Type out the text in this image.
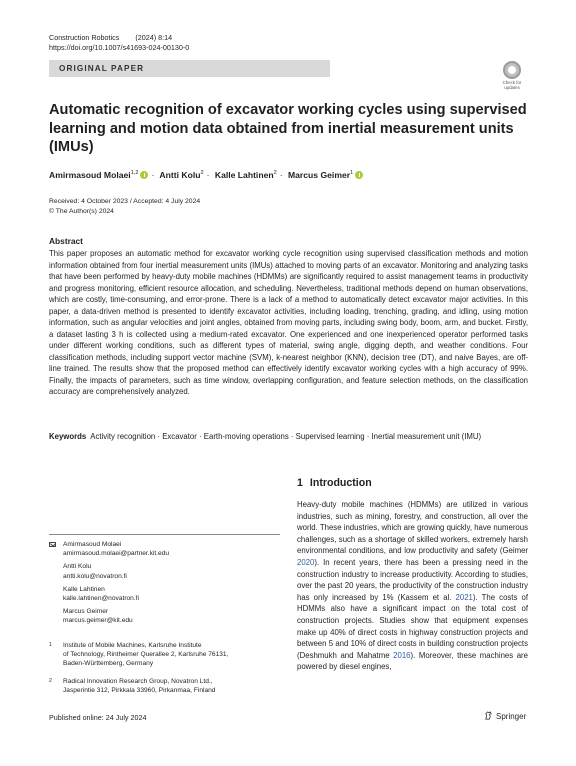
Construction Robotics (2024) 8:14
https://doi.org/10.1007/s41693-024-00130-0
ORIGINAL PAPER
Check for
updates
Automatic recognition of excavator working cycles using supervised learning and motion data obtained from inertial measurement units (IMUs)
Amirmasoud Molaei$^{1,2}$ · Antti Kolu$^2$ · Kalle Lahtinen$^2$ · Marcus Geimer$^1$
Received: 4 October 2023 / Accepted: 4 July 2024
© The Author(s) 2024
Abstract

This paper proposes an automatic method for excavator working cycle recognition using supervised classification methods and motion information obtained from four inertial measurement units (IMUs) attached to moving parts of an excavator. Monitoring and analyzing tasks that have been performed by heavy-duty mobile machines (HDMMs) are significantly required to assist management teams in productivity and progress monitoring, efficient resource allocation, and scheduling. Nevertheless, traditional methods depend on human observations, which are costly, time-consuming, and error-prone. There is a lack of a method to automatically detect excavator major activities. In this paper, a data-driven method is presented to identify excavator activities, including loading, trenching, grading, and idling, using motion information, such as angular velocities and joint angles, obtained from moving parts, including swing body, boom, arm, and bucket. Firstly, a dataset lasting 3 h is collected using a medium-rated excavator. One experienced and one inexperienced operator performed tasks under different working conditions, such as different types of material, swing angle, digging depth, and weather conditions. Four classification methods, including support vector machine (SVM), k-nearest neighbor (KNN), decision tree (DT), and naive Bayes, are off-line trained. The results show that the proposed method can effectively identify excavator working cycles with a high accuracy of 99%. Finally, the impacts of parameters, such as time window, overlapping configuration, and feature selection methods, on the classification accuracy are comprehensively analyzed.

Keywords Activity recognition · Excavator · Earth-moving operations · Supervised learning · Inertial measurement unit (IMU)

1 Introduction

Heavy-duty mobile machines (HDMMs) are utilized in various industries, such as mining, forestry, and construction, all over the world. These industries, which are growing quickly, have numerous challenges, such as a shortage of skilled workers, extremely harsh environmental conditions, and low productivity and safety (Geimer 2020). In recent years, there has been a pressing need in the construction industry to increase productivity. According to studies, over the past 20 years, the productivity of the construction industry has only increased by 1% (Kassem et al. 2021). The costs of HDMMs also have a significant impact on the total cost of construction projects. Studies show that equipment expenses make up 40% of direct costs in highway construction projects and between 5 and 10% of direct costs in building construction projects (Deshmukh and Mahatme 2016). Moreover, these machines are powered by diesel engines,

Amirmasoud Molaei
amirmasoud.molaei@partner.kit.edu
Antti Kolu
antti.kolu@novatron.fi
Kalle Lahtinen
kalle.lahtinen@novatron.fi
Marcus Geimer
marcus.geimer@kit.edu
1 Institute of Mobile Machines, Karlsruhe Institute
of Technology, Rintheimer Querallee 2, Karlsruhe 76131,
Baden-Württemberg, Germany
2 Radical Innovation Research Group, Novatron Ltd.,
Jasperintie 312, Pirkkala 33960, Pirkanmaa, Finland
Published online: 24 July 2024	Springer
